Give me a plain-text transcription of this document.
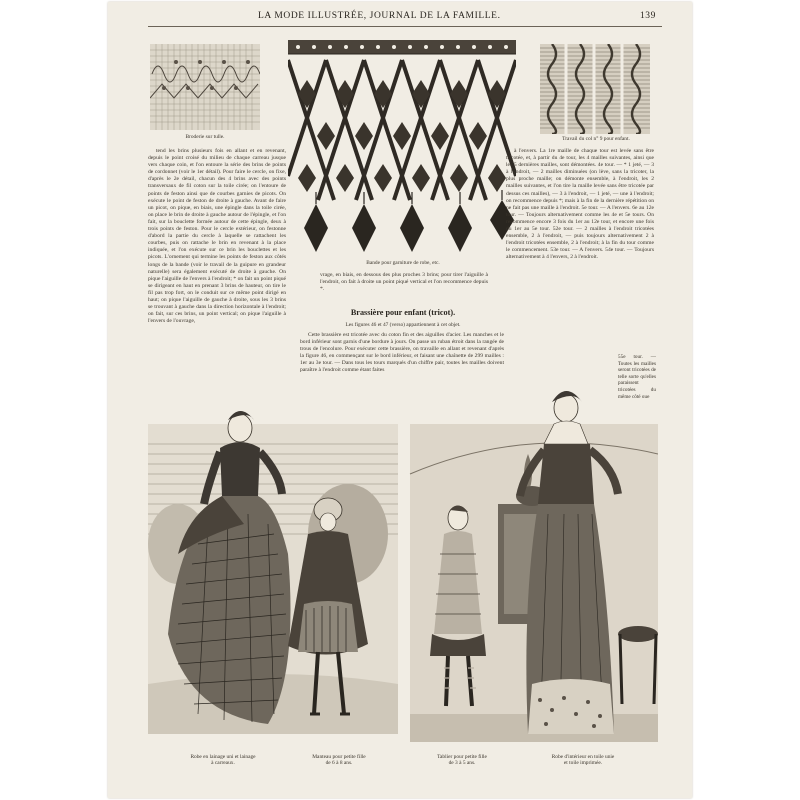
LA MODE ILLUSTRÉE, JOURNAL DE LA FAMILLE.	139
Broderie sur tulle.
Bande pour garniture de robe, etc.
Travail du col n° 9 pour enfant.

tend les brins plusieurs fois en allant et en revenant, depuis le point croisé du milieu de chaque carreau jusque vers chaque coin, et l'on entoure la série des brins de points de cordonnet (voir le 1er détail). Pour faire le cercle, on fixe, d'après le 2e détail, chacun des 4 brins avec des points transversaux de fil coton sur la toile cirée; on l'entoure de points de feston ainsi que de courbes garnies de picots. On exécute le point de feston de droite à gauche. Avant de faire un picot, on pique, en biais, une épingle dans la toile cirée, on place le brin de droite à gauche autour de l'épingle, et l'on fait, sur la bouclette formée autour de cette épingle, deux à trois points de feston. Pour le cercle extérieur, on festonne d'abord la partie du cercle à laquelle se rattachent les courbes, puis on rattache le brin en revenant à la place indiquée, et l'on exécute sur ce brin les bouclettes et les picots. L'ornement qui termine les points de feston aux côtés longs de la bande (voir le travail de la guipure en grandeur naturelle) sera également exécuté de droite à gauche. On pique l'aiguille de l'envers à l'endroit; * on fait un point piqué se dirigeant en haut en prenant 3 brins de hauteur, on tire le fil pas trop fort, on le conduit sur ce même point dirigé en haut; on pique l'aiguille de gauche à droite, sous les 3 brins se trouvant à gauche dans la direction horizontale à l'endroit; on fait, sur ces brins, un point vertical; on pique l'aiguille à l'envers de l'ouvrage,

vrage, en biais, en dessous des plus proches 3 brins; pour tirer l'aiguille à l'endroit, on fait à droite un point piqué vertical et l'on recommence depuis *.

Brassière pour enfant (tricot).
Les figures 46 et 47 (verso) appartiennent à cet objet.

Cette brassière est tricotée avec du coton fin et des aiguilles d'acier. Les manches et le bord inférieur sont garnis d'une bordure à jours. On passe un ruban étroit dans la rangée de trous de l'encolure. Pour exécuter cette brassière, on travaille en allant et revenant d'après la figure 46, en commençant sur le bord inférieur, et faisant une chaînette de 299 mailles : 1er au 3e tour. — Dans tous les tours marqués d'un chiffre pair, toutes les mailles doivent paraître à l'endroit comme étant faites

à l'envers. La 1re maille de chaque tour est levée sans être tricotée, et, à partir du 4e tour, les 4 mailles suivantes, ainsi que les 5 dernières mailles, sont démontées. 4e tour. — * 1 jeté, — 3 à l'endroit, — 2 mailles diminuées (on lève, sans la tricoter, la plus proche maille; on démonte ensemble, à l'endroit, les 2 mailles suivantes, et l'on tire la maille levée sans être tricotée par dessus ces mailles), — 3 à l'endroit, — 1 jeté, — une à l'endroit; on recommence depuis *; mais à la fin de la dernière répétition on ne fait pas une maille à l'endroit. 5e tour. — A l'envers. 6e au 12e tour. — Toujours alternativement comme les 4e et 5e tours. On recommence encore 3 fois du 1er au 12e tour, et encore une fois du 1er au 5e tour. 52e tour. — 2 mailles à l'endroit tricotées ensemble, 2 à l'endroit, — puis toujours alternativement 2 à l'endroit tricotées ensemble, 2 à l'endroit; à la fin du tour comme le commencement. 53e tour. — A l'envers. 54e tour. — Toujours alternativement à 4 l'envers, 2 à l'endroit.

55e tour. — Toutes les mailles seront tricotées de telle sorte qu'elles paraissent tricotées du même côté que

Robe en lainage uni et lainage
à carreaux.
Manteau pour petite fille
de 6 à 8 ans.
Tablier pour petite fille
de 3 à 5 ans.
Robe d'intérieur en toile unie
et toile imprimée.
